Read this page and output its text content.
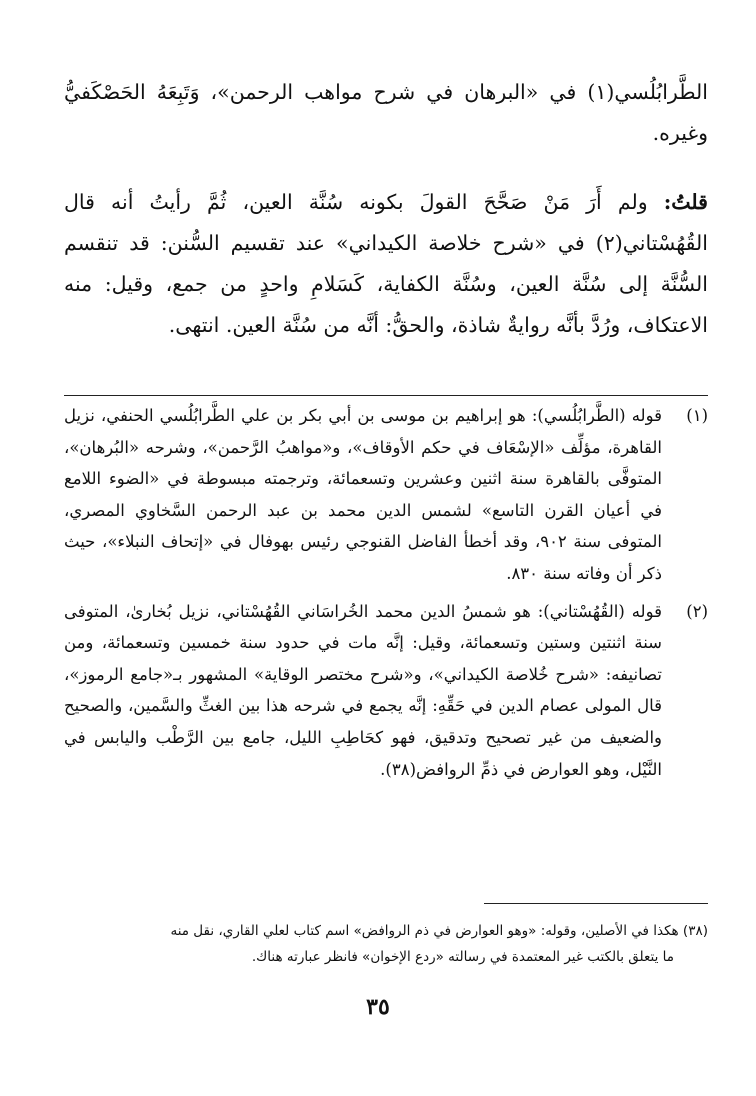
الطَّرابُلُسي(١) في «البرهان في شرح مواهب الرحمن»، وَتَبِعَهُ الحَصْكَفيُّ وغيره.

قلتُ: ولم أَرَ مَنْ صَحَّحَ القولَ بكونه سُنَّة العين، ثُمَّ رأيتُ أنه قال القُهُسْتاني(٢) في «شرح خلاصة الكيداني» عند تقسيم السُّنن: قد تنقسم السُّنَّة إلى سُنَّة العين، وسُنَّة الكفاية، كَسَلامِ واحدٍ من جمع، وقيل: منه الاعتكاف، ورُدَّ بأنَّه روايةٌ شاذة، والحقُّ: أنَّه من سُنَّة العين. انتهى.

(١)
قوله (الطَّرابُلُسي): هو إبراهيم بن موسى بن أبي بكر بن علي الطَّرابُلُسي الحنفي، نزيل القاهرة، مؤلِّف «الإسْعَاف في حكم الأوقاف»، و«مواهبُ الرَّحمن»، وشرحه «البُرهان»، المتوفَّى بالقاهرة سنة اثنين وعشرين وتسعمائة، وترجمته مبسوطة في «الضوء اللامع في أعيان القرن التاسع» لشمس الدين محمد بن عبد الرحمن السَّخاوي المصري، المتوفى سنة ٩٠٢، وقد أخطأ الفاضل القنوجي رئيس بهوفال في «إتحاف النبلاء»، حيث ذكر أن وفاته سنة ٨٣٠.
(٢)
قوله (القُهُسْتاني): هو شمسُ الدين محمد الخُراسَاني القُهُسْتاني، نزيل بُخارىٰ، المتوفى سنة اثنتين وستين وتسعمائة، وقيل: إنَّه مات في حدود سنة خمسين وتسعمائة، ومن تصانيفه: «شرح خُلاصة الكيداني»، و«شرح مختصر الوقاية» المشهور بـ«جامع الرموز»، قال المولى عصام الدين في حَقِّهِ: إنَّه يجمع في شرحه هذا بين الغثِّ والسَّمين، والصحيح والضعيف من غير تصحيح وتدقيق، فهو كحَاطِبِ الليل، جامع بين الرَّطْب واليابس في النَّيْل، وهو العوارض في ذمِّ الروافض(٣٨).
(٣٨) هكذا في الأصلين، وقوله: «وهو العوارض في ذم الروافض» اسم كتاب لعلي القاري، نقل منه
ما يتعلق بالكتب غير المعتمدة في رسالته «ردع الإخوان» فانظر عبارته هناك.
٣٥
